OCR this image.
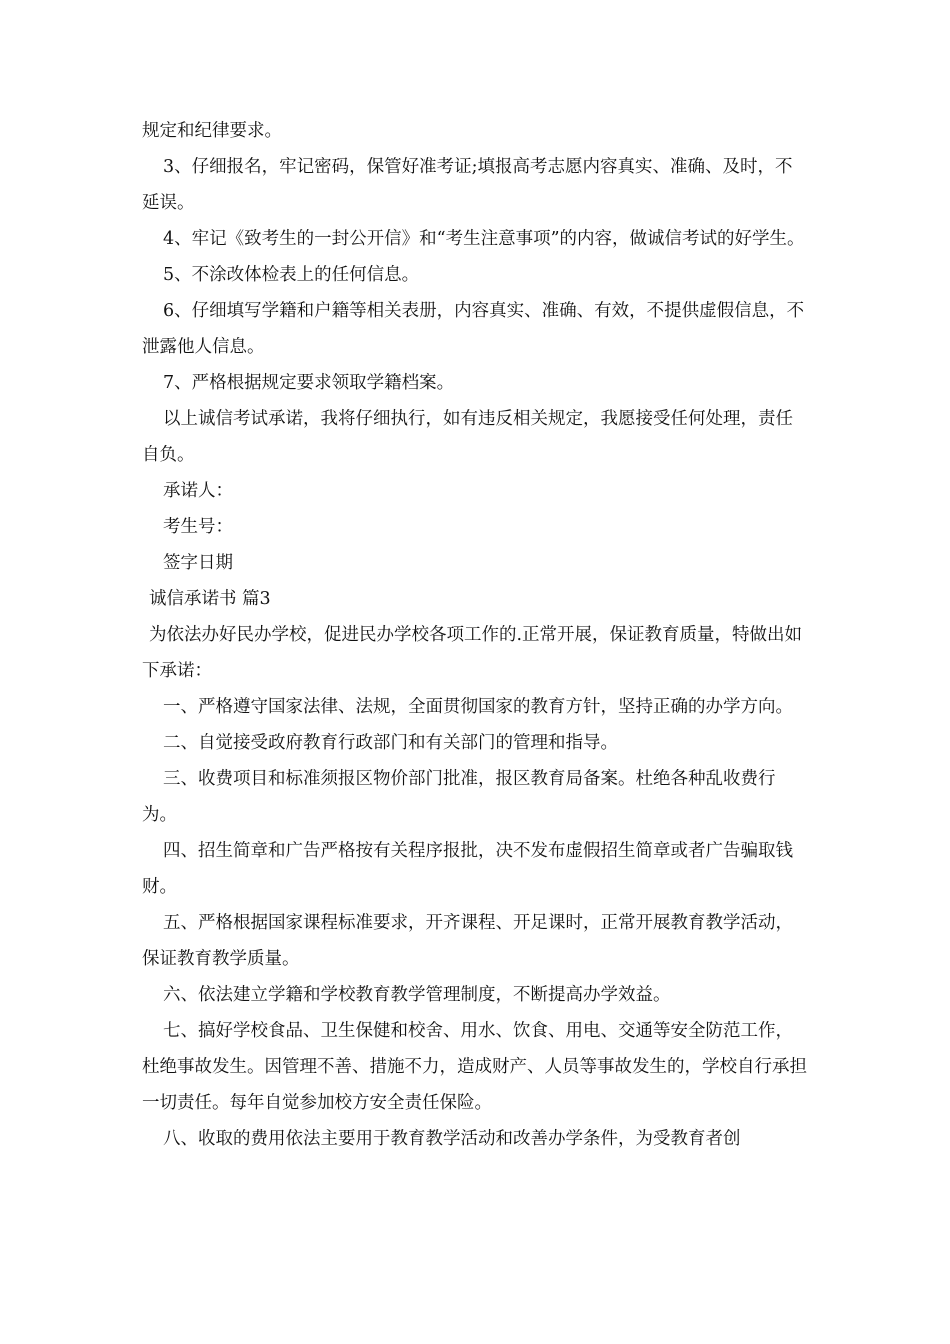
规定和纪律要求。

3、仔细报名，牢记密码，保管好准考证;填报高考志愿内容真实、准确、及时，不延误。

4、牢记《致考生的一封公开信》和“考生注意事项”的内容，做诚信考试的好学生。

5、不涂改体检表上的任何信息。

6、仔细填写学籍和户籍等相关表册，内容真实、准确、有效，不提供虚假信息，不泄露他人信息。

7、严格根据规定要求领取学籍档案。

以上诚信考试承诺，我将仔细执行，如有违反相关规定，我愿接受任何处理，责任自负。

承诺人：

考生号：

签字日期

诚信承诺书 篇3

为依法办好民办学校，促进民办学校各项工作的.正常开展，保证教育质量，特做出如下承诺：

一、严格遵守国家法律、法规，全面贯彻国家的教育方针，坚持正确的办学方向。

二、自觉接受政府教育行政部门和有关部门的管理和指导。

三、收费项目和标准须报区物价部门批准，报区教育局备案。杜绝各种乱收费行为。

四、招生简章和广告严格按有关程序报批，决不发布虚假招生简章或者广告骗取钱财。

五、严格根据国家课程标准要求，开齐课程、开足课时，正常开展教育教学活动，保证教育教学质量。

六、依法建立学籍和学校教育教学管理制度，不断提高办学效益。

七、搞好学校食品、卫生保健和校舍、用水、饮食、用电、交通等安全防范工作，杜绝事故发生。因管理不善、措施不力，造成财产、人员等事故发生的，学校自行承担一切责任。每年自觉参加校方安全责任保险。

八、收取的费用依法主要用于教育教学活动和改善办学条件，为受教育者创
